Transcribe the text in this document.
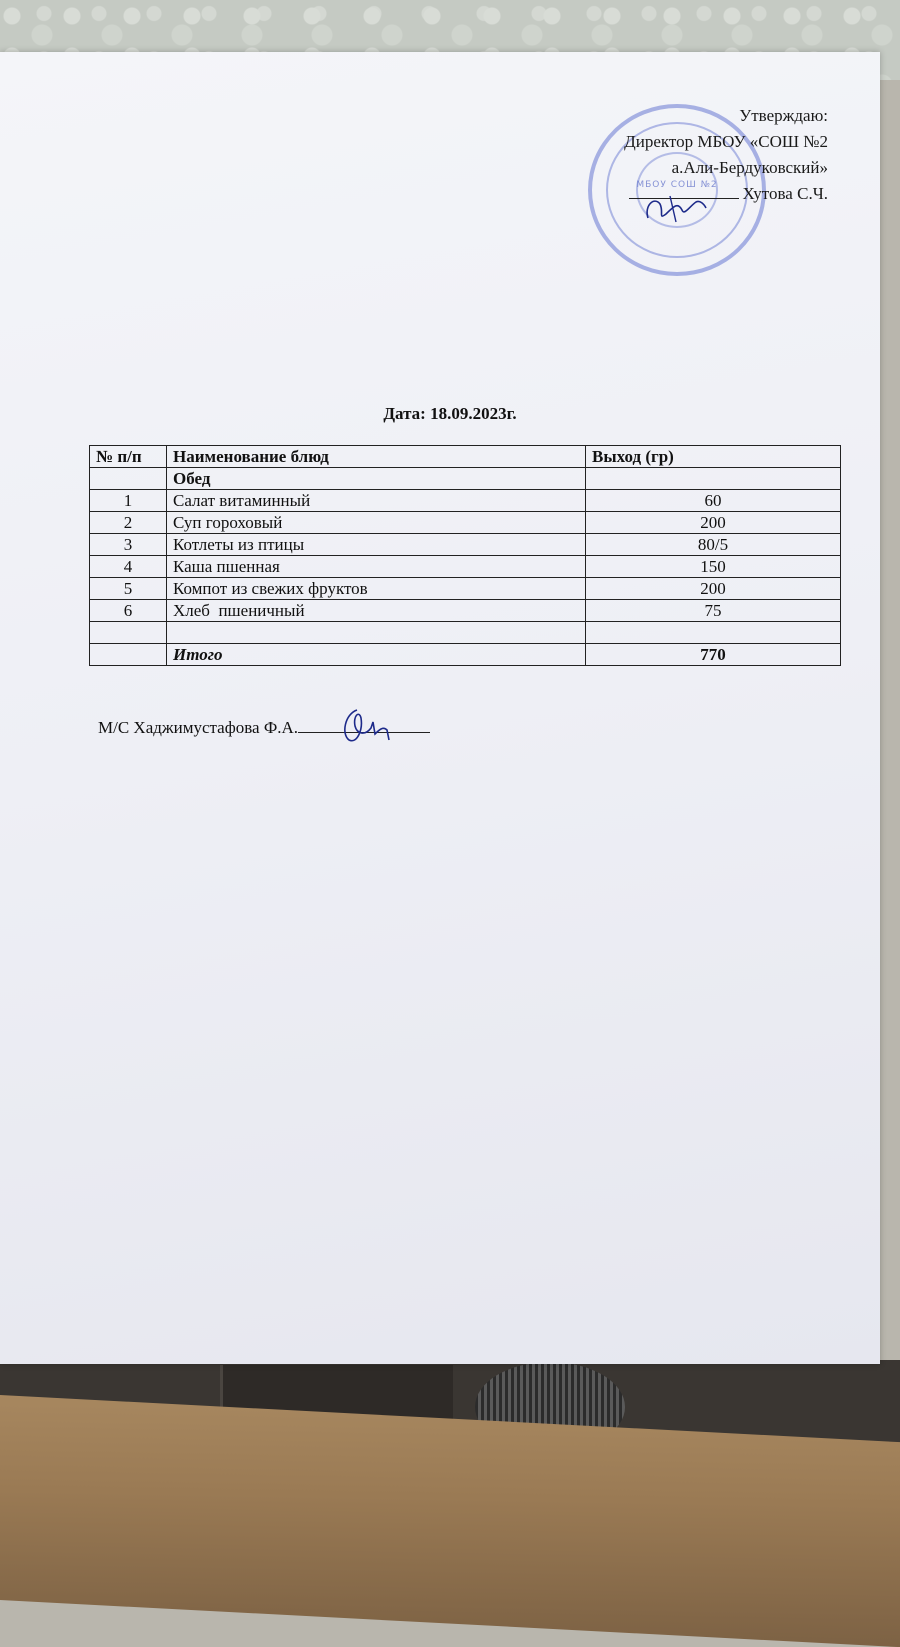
МБОУ СОШ №2
Утверждаю:
Директор МБОУ «СОШ №2
а.Али-Бердуковский»
Хутова С.Ч.
Дата: 18.09.2023г.
№ п/п	Наименование блюд	Выход (гр)
	Обед	
1	Салат витаминный	60
2	Суп гороховый	200
3	Котлеты из птицы	80/5
4	Каша пшенная	150
5	Компот из свежих фруктов	200
6	Хлеб  пшеничный	75

	Итого	770
М/С Хаджимустафова Ф.А.
